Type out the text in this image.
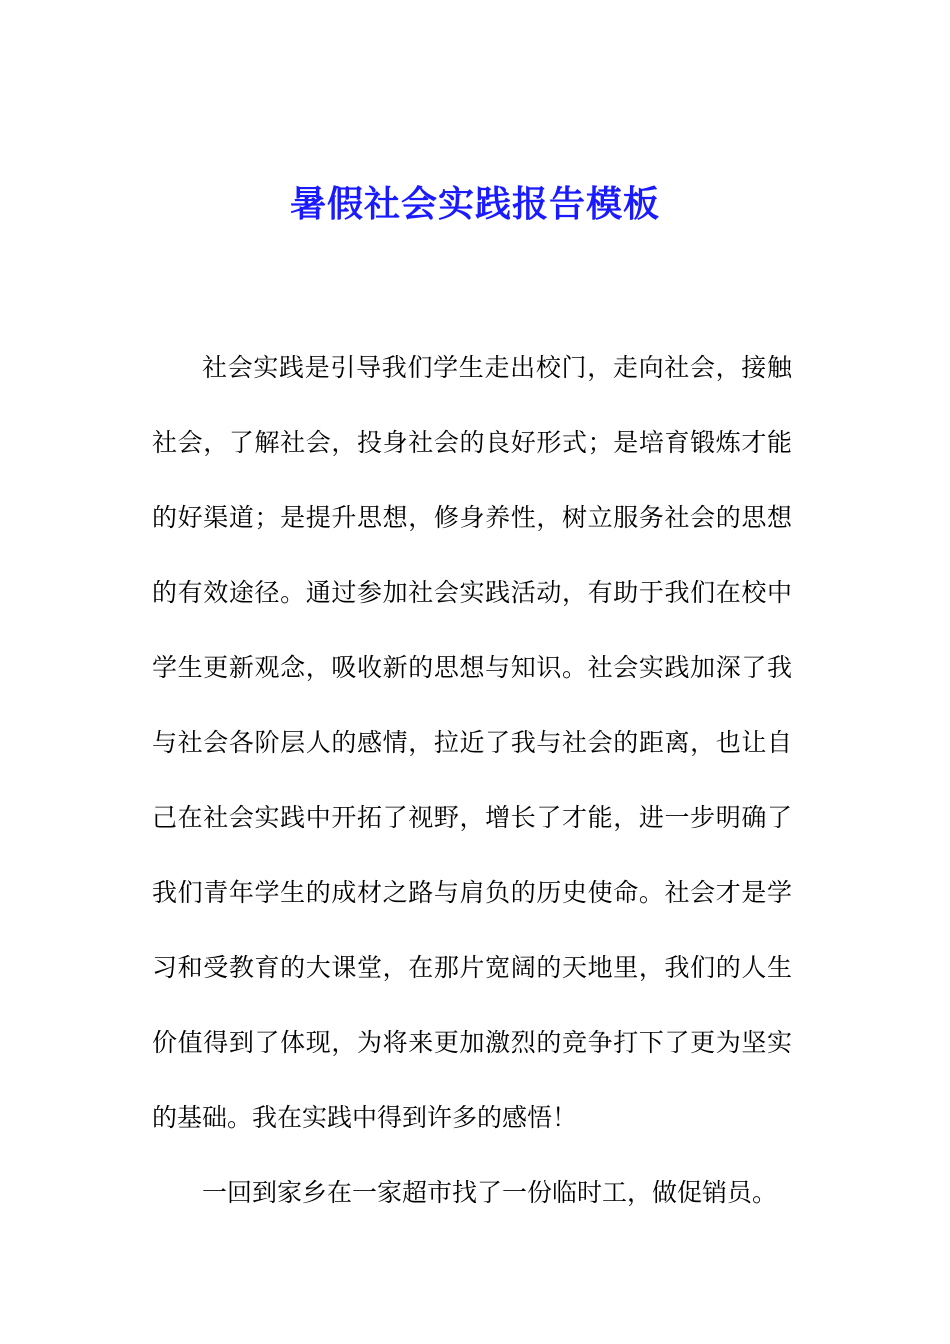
暑假社会实践报告模板

社会实践是引导我们学生走出校门，走向社会，接触社会，了解社会，投身社会的良好形式；是培育锻炼才能的好渠道；是提升思想，修身养性，树立服务社会的思想的有效途径。通过参加社会实践活动，有助于我们在校中学生更新观念，吸收新的思想与知识。社会实践加深了我与社会各阶层人的感情，拉近了我与社会的距离，也让自己在社会实践中开拓了视野，增长了才能，进一步明确了我们青年学生的成材之路与肩负的历史使命。社会才是学习和受教育的大课堂，在那片宽阔的天地里，我们的人生价值得到了体现，为将来更加激烈的竞争打下了更为坚实的基础。我在实践中得到许多的感悟！

一回到家乡在一家超市找了一份临时工，做促销员。
